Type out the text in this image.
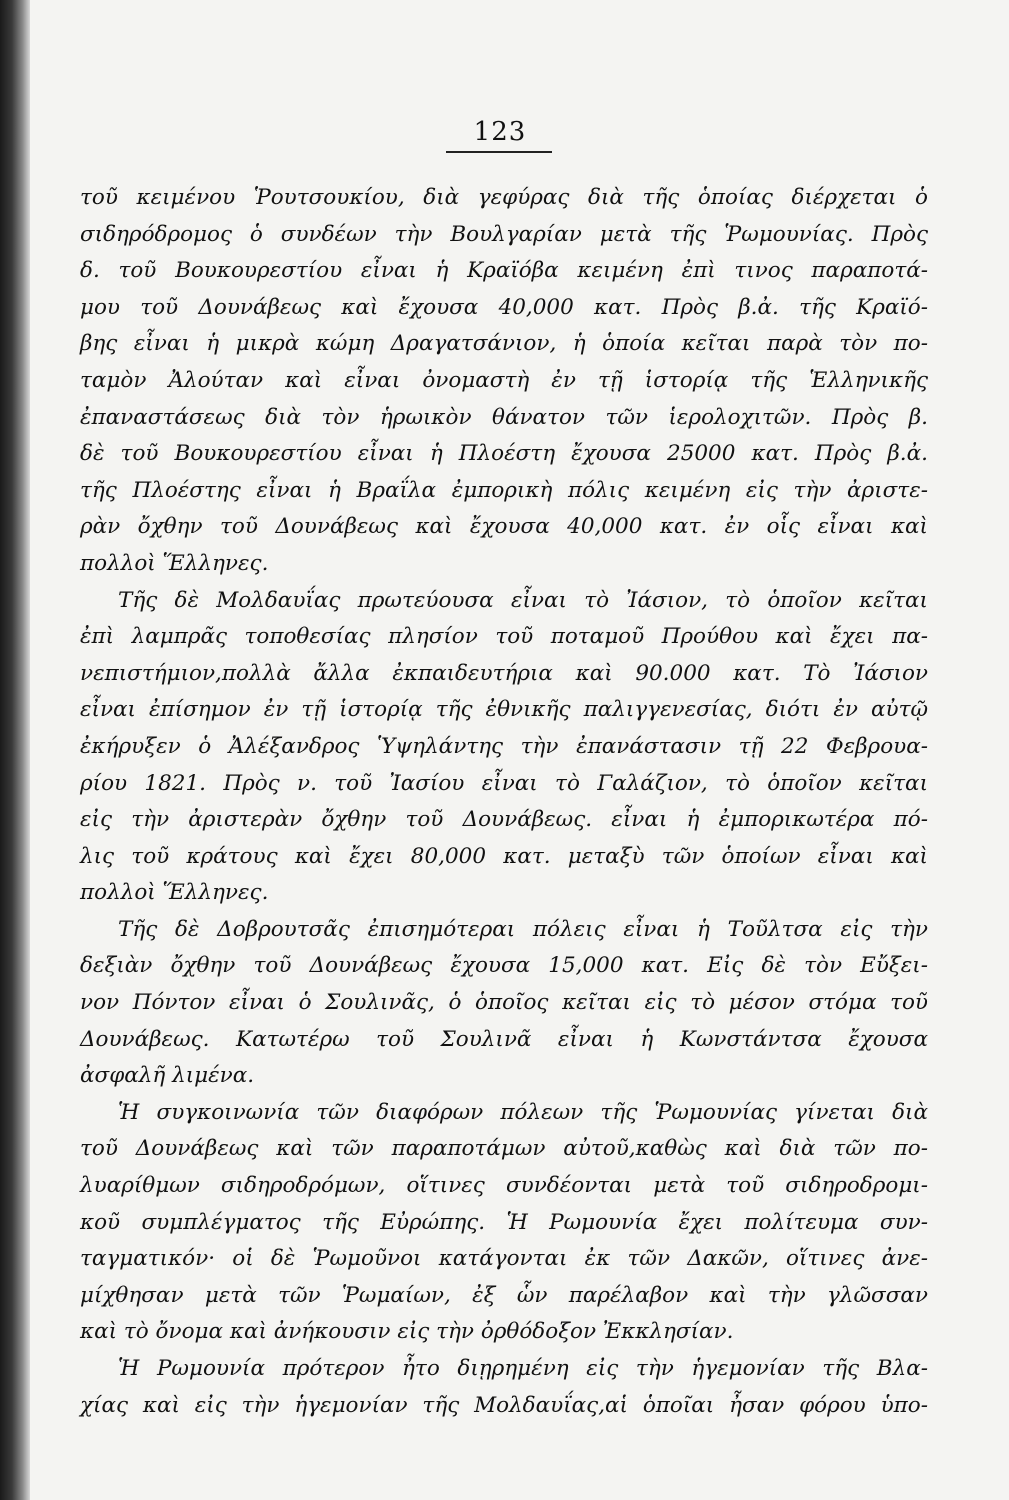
123
τοῦ κειμένου Ῥουτσουκίου, διὰ γεφύρας διὰ τῆς ὁποίας διέρχεται ὁ
σιδηρόδρομος ὁ συνδέων τὴν Βουλγαρίαν μετὰ τῆς Ῥωμουνίας. Πρὸς
δ. τοῦ Βουκουρεστίου εἶναι ἡ Κραϊόβα κειμένη ἐπὶ τινος παραποτά-
μου τοῦ Δουνάβεως καὶ ἔχουσα 40,000 κατ. Πρὸς β.ἀ. τῆς Κραϊό-
βης εἶναι ἡ μικρὰ κώμη Δραγατσάνιον, ἡ ὁποία κεῖται παρὰ τὸν πο-
ταμὸν Ἀλούταν καὶ εἶναι ὀνομαστὴ ἐν τῇ ἱστορίᾳ τῆς Ἑλληνικῆς
ἐπαναστάσεως διὰ τὸν ἡρωικὸν θάνατον τῶν ἱερολοχιτῶν. Πρὸς β.
δὲ τοῦ Βουκουρεστίου εἶναι ἡ Πλοέστη ἔχουσα 25000 κατ. Πρὸς β.ἀ.
τῆς Πλοέστης εἶναι ἡ Βραΐλα ἐμπορικὴ πόλις κειμένη εἰς τὴν ἀριστε-
ρὰν ὄχθην τοῦ Δουνάβεως καὶ ἔχουσα 40,000 κατ. ἐν οἷς εἶναι καὶ
πολλοὶ Ἕλληνες.
Τῆς δὲ Μολδαυΐας πρωτεύουσα εἶναι τὸ Ἰάσιον, τὸ ὁποῖον κεῖται
ἐπὶ λαμπρᾶς τοποθεσίας πλησίον τοῦ ποταμοῦ Προύθου καὶ ἔχει πα-
νεπιστήμιον,πολλὰ ἄλλα ἐκπαιδευτήρια καὶ 90.000 κατ. Τὸ Ἰάσιον
εἶναι ἐπίσημον ἐν τῇ ἱστορίᾳ τῆς ἐθνικῆς παλιγγενεσίας, διότι ἐν αὐτῷ
ἐκήρυξεν ὁ Ἀλέξανδρος Ὑψηλάντης τὴν ἐπανάστασιν τῇ 22 Φεβρουα-
ρίου 1821. Πρὸς ν. τοῦ Ἰασίου εἶναι τὸ Γαλάζιον, τὸ ὁποῖον κεῖται
εἰς τὴν ἀριστερὰν ὄχθην τοῦ Δουνάβεως. εἶναι ἡ ἐμπορικωτέρα πό-
λις τοῦ κράτους καὶ ἔχει 80,000 κατ. μεταξὺ τῶν ὁποίων εἶναι καὶ
πολλοὶ Ἕλληνες.
Τῆς δὲ Δοβρουτσᾶς ἐπισημότεραι πόλεις εἶναι ἡ Τοῦλτσα εἰς τὴν
δεξιὰν ὄχθην τοῦ Δουνάβεως ἔχουσα 15,000 κατ. Εἰς δὲ τὸν Εὔξει-
νον Πόντον εἶναι ὁ Σουλινᾶς, ὁ ὁποῖος κεῖται εἰς τὸ μέσον στόμα τοῦ
Δουνάβεως. Κατωτέρω τοῦ Σουλινᾶ εἶναι ἡ Κωνστάντσα ἔχουσα
ἀσφαλῆ λιμένα.
Ἡ συγκοινωνία τῶν διαφόρων πόλεων τῆς Ῥωμουνίας γίνεται διὰ
τοῦ Δουνάβεως καὶ τῶν παραποτάμων αὐτοῦ,καθὼς καὶ διὰ τῶν πο-
λυαρίθμων σιδηροδρόμων, οἵτινες συνδέονται μετὰ τοῦ σιδηροδρομι-
κοῦ συμπλέγματος τῆς Εὐρώπης. Ἡ Ρωμουνία ἔχει πολίτευμα συν-
ταγματικόν· οἱ δὲ Ῥωμοῦνοι κατάγονται ἐκ τῶν Δακῶν, οἵτινες ἀνε-
μίχθησαν μετὰ τῶν Ῥωμαίων, ἐξ ὧν παρέλαβον καὶ τὴν γλῶσσαν
καὶ τὸ ὄνομα καὶ ἀνήκουσιν εἰς τὴν ὀρθόδοξον Ἐκκλησίαν.
Ἡ Ρωμουνία πρότερον ἦτο διῃρημένη εἰς τὴν ἡγεμονίαν τῆς Βλα-
χίας καὶ εἰς τὴν ἡγεμονίαν τῆς Μολδαυΐας,αἱ ὁποῖαι ἦσαν φόρου ὑπο-
